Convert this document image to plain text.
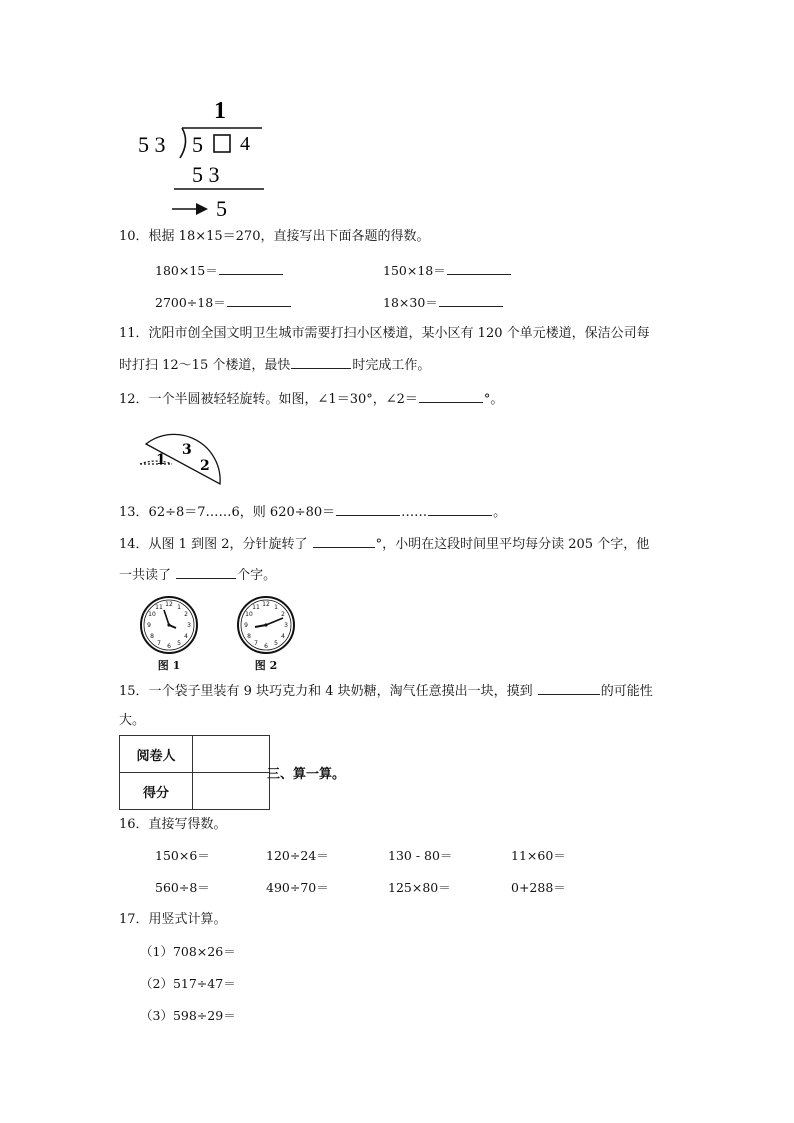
1
5 3 5 4
5 3
5
10．根据 18×15＝270，直接写出下面各题的得数。
180×15＝	150×18＝
2700÷18＝	18×30＝
11．沈阳市创全国文明卫生城市需要打扫小区楼道，某小区有 120 个单元楼道，保洁公司每
时打扫 12～15 个楼道，最快	时完成工作。
12．一个半圆被轻轻旋转。如图，∠1＝30°，∠2＝	°。
1
3
2
13．62÷8＝7……6，则 620÷80＝	……	。
14．从图 1 到图 2，分针旋转了	°，小明在这段时间里平均每分读 205 个字，他
一共读了	个字。
12 1
2
3
4
5
6
7
8
9
10
11
图 1
12 1
2
3
4
5
6
7
8
9
10
11
图 2
15．一个袋子里装有 9 块巧克力和 4 块奶糖，淘气任意摸出一块，摸到	的可能性
大。
阅卷人	
得分	
三、算一算。
16．直接写得数。
150×6＝	120÷24＝	130 - 80＝	11×60＝
560÷8＝	490÷70＝	125×80＝	0+288＝
17．用竖式计算。
（1）708×26＝
（2）517÷47＝
（3）598÷29＝
